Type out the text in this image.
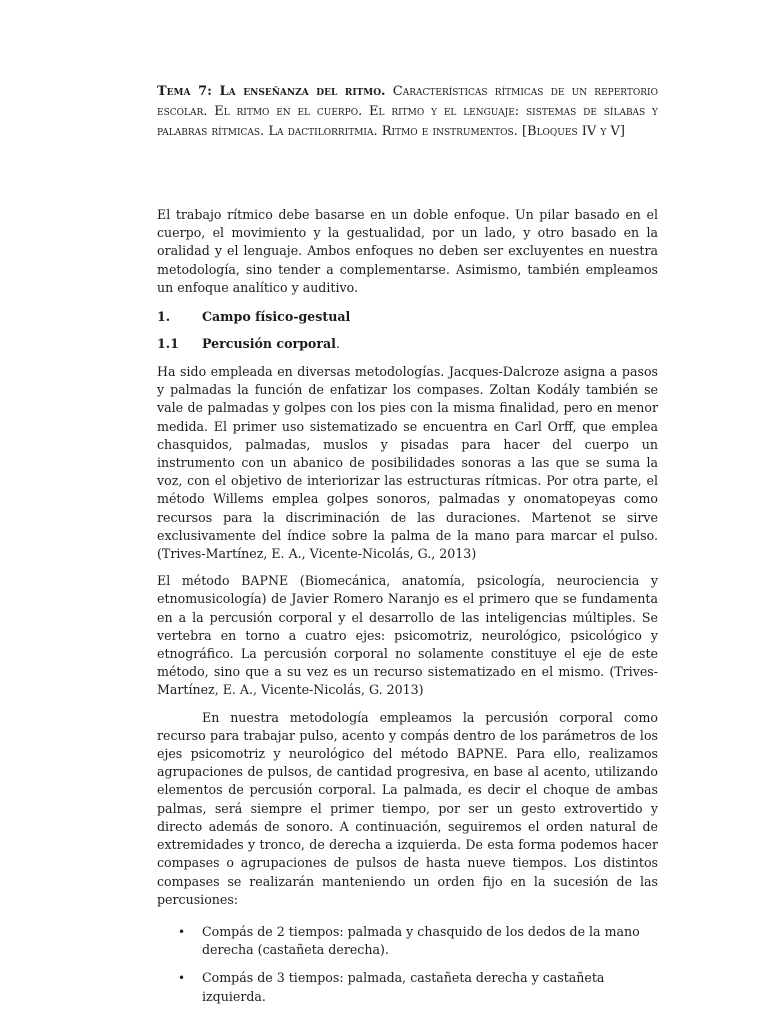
Tema 7: La enseñanza del ritmo. Características rítmicas de un repertorio escolar. El ritmo en el cuerpo. El ritmo y el lenguaje: sistemas de sílabas y palabras rítmicas. La dactilorritmia. Ritmo e instrumentos. [Bloques IV y V]

El trabajo rítmico debe basarse en un doble enfoque. Un pilar basado en el cuerpo, el movimiento y la gestualidad, por un lado, y otro basado en la oralidad y el lenguaje. Ambos enfoques no deben ser excluyentes en nuestra metodología, sino tender a complementarse. Asimismo, también empleamos un enfoque analítico y auditivo.

1.	Campo físico-gestual
1.1	Percusión corporal.

Ha sido empleada en diversas metodologías. Jacques-Dalcroze asigna a pasos y palmadas la función de enfatizar los compases. Zoltan Kodály también se vale de palmadas y golpes con los pies con la misma finalidad, pero en menor medida. El primer uso sistematizado se encuentra en Carl Orff, que emplea chasquidos, palmadas, muslos y pisadas para hacer del cuerpo un instrumento con un abanico de posibilidades sonoras a las que se suma la voz, con el objetivo de interiorizar las estructuras rítmicas. Por otra parte, el método Willems emplea golpes sonoros, palmadas y onomatopeyas como recursos para la discriminación de las duraciones. Martenot se sirve exclusivamente del índice sobre la palma de la mano para marcar el pulso. (Trives-Martínez, E. A., Vicente-Nicolás, G., 2013)

El método BAPNE (Biomecánica, anatomía, psicología, neurociencia y etnomusicología) de Javier Romero Naranjo es el primero que se fundamenta en a la percusión corporal y el desarrollo de las inteligencias múltiples. Se vertebra en torno a cuatro ejes: psicomotriz, neurológico, psicológico y etnográfico. La percusión corporal no solamente constituye el eje de este método, sino que a su vez es un recurso sistematizado en el mismo. (Trives-Martínez, E. A., Vicente-Nicolás, G. 2013)

En nuestra metodología empleamos la percusión corporal como recurso para trabajar pulso, acento y compás dentro de los parámetros de los ejes psicomotriz y neurológico del método BAPNE. Para ello, realizamos agrupaciones de pulsos, de cantidad progresiva, en base al acento, utilizando elementos de percusión corporal. La palmada, es decir el choque de ambas palmas, será siempre el primer tiempo, por ser un gesto extrovertido y directo además de sonoro. A continuación, seguiremos el orden natural de extremidades y tronco, de derecha a izquierda. De esta forma podemos hacer compases o agrupaciones de pulsos de hasta nueve tiempos. Los distintos compases se realizarán manteniendo un orden fijo en la sucesión de las percusiones:

• Compás de 2 tiempos: palmada y chasquido de los dedos de la mano derecha (castañeta derecha).
• Compás de 3 tiempos: palmada, castañeta derecha y castañeta izquierda.
